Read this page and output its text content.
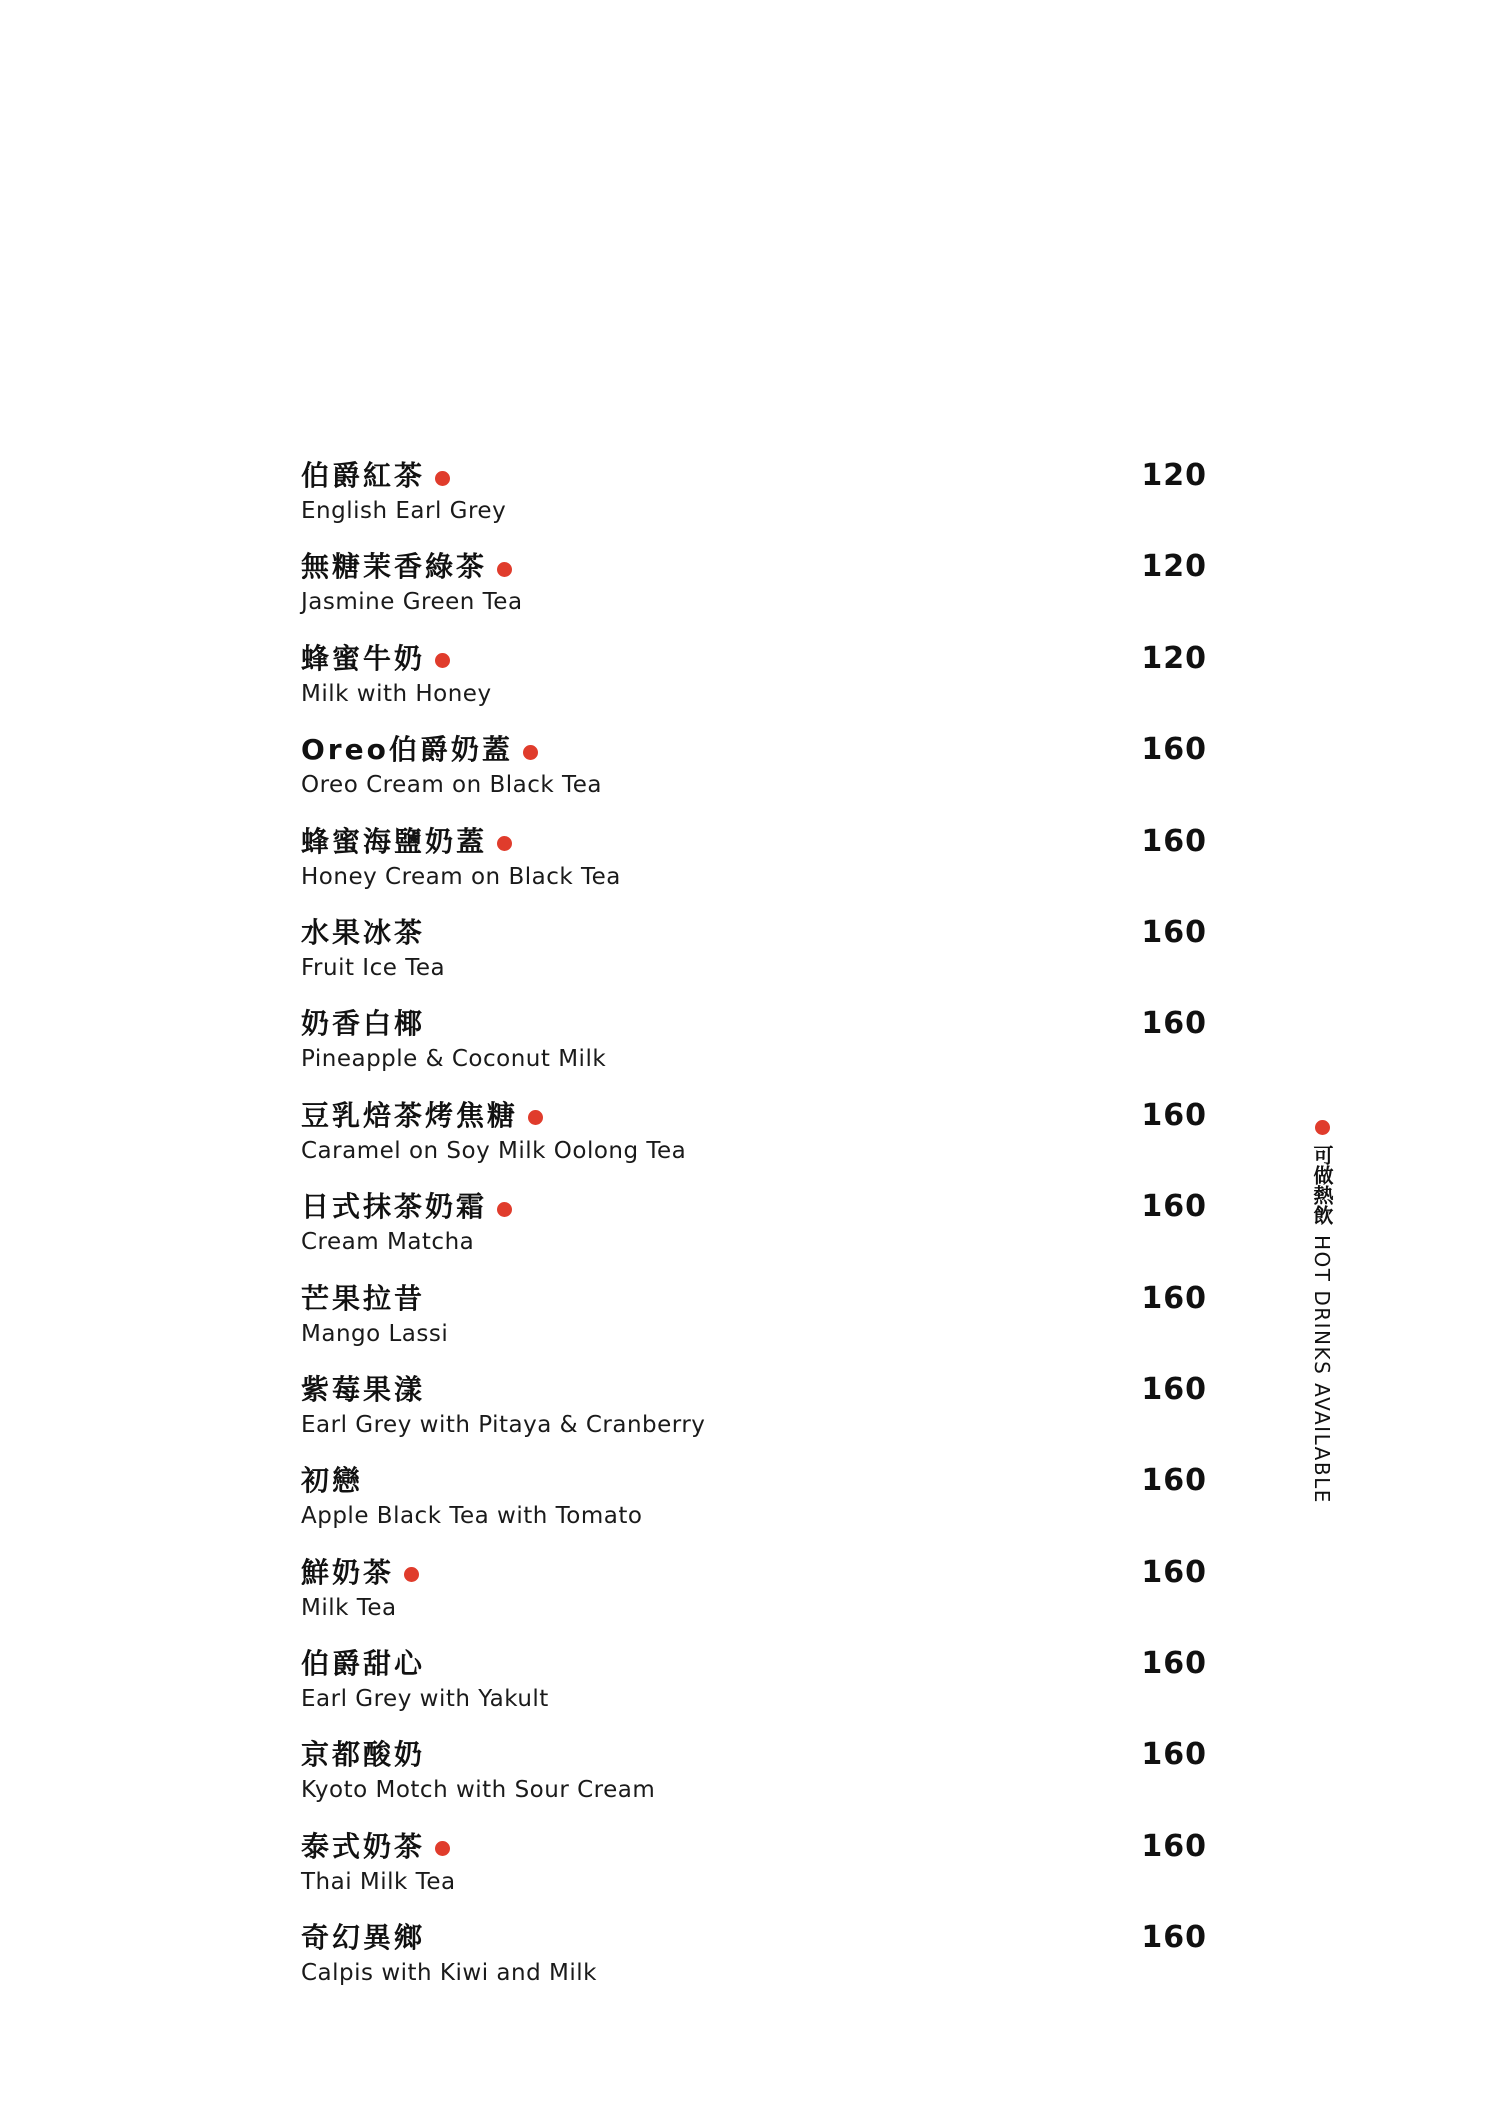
伯爵紅茶
English Earl Grey
120
無糖茉香綠茶
Jasmine Green Tea
120
蜂蜜牛奶
Milk with Honey
120
Oreo伯爵奶蓋
Oreo Cream on Black Tea
160
蜂蜜海鹽奶蓋
Honey Cream on Black Tea
160
水果冰茶
Fruit Ice Tea
160
奶香白椰
Pineapple & Coconut Milk
160
豆乳焙茶烤焦糖
Caramel on Soy Milk Oolong Tea
160
日式抹茶奶霜
Cream Matcha
160
芒果拉昔
Mango Lassi
160
紫莓果漾
Earl Grey with Pitaya & Cranberry
160
初戀
Apple Black Tea with Tomato
160
鮮奶茶
Milk Tea
160
伯爵甜心
Earl Grey with Yakult
160
京都酸奶
Kyoto Motch with Sour Cream
160
泰式奶茶
Thai Milk Tea
160
奇幻異鄉
Calpis with Kiwi and Milk
160
可做熱飲
HOT DRINKS AVAILABLE
